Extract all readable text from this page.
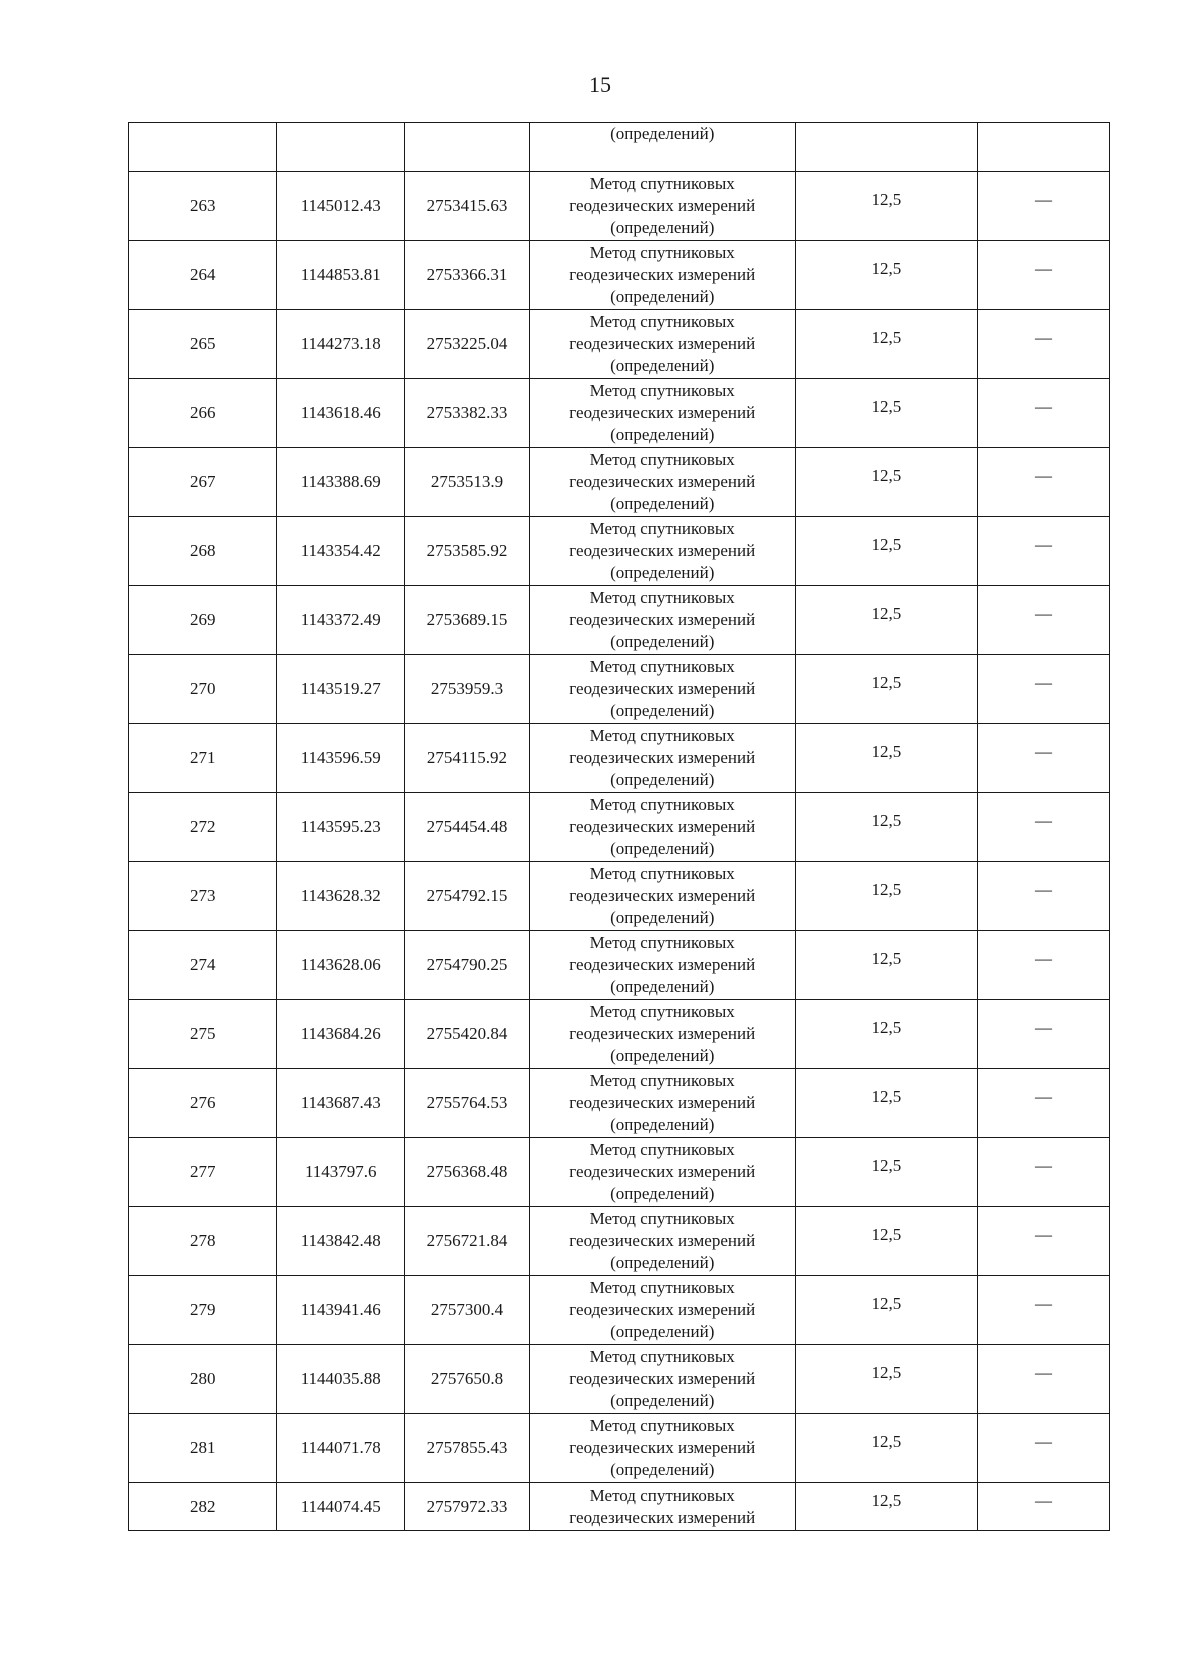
15
			(определений)		
263	1145012.43	2753415.63	Метод спутниковых
геодезических измерений
(определений)	12,5	—
264	1144853.81	2753366.31	Метод спутниковых
геодезических измерений
(определений)	12,5	—
265	1144273.18	2753225.04	Метод спутниковых
геодезических измерений
(определений)	12,5	—
266	1143618.46	2753382.33	Метод спутниковых
геодезических измерений
(определений)	12,5	—
267	1143388.69	2753513.9	Метод спутниковых
геодезических измерений
(определений)	12,5	—
268	1143354.42	2753585.92	Метод спутниковых
геодезических измерений
(определений)	12,5	—
269	1143372.49	2753689.15	Метод спутниковых
геодезических измерений
(определений)	12,5	—
270	1143519.27	2753959.3	Метод спутниковых
геодезических измерений
(определений)	12,5	—
271	1143596.59	2754115.92	Метод спутниковых
геодезических измерений
(определений)	12,5	—
272	1143595.23	2754454.48	Метод спутниковых
геодезических измерений
(определений)	12,5	—
273	1143628.32	2754792.15	Метод спутниковых
геодезических измерений
(определений)	12,5	—
274	1143628.06	2754790.25	Метод спутниковых
геодезических измерений
(определений)	12,5	—
275	1143684.26	2755420.84	Метод спутниковых
геодезических измерений
(определений)	12,5	—
276	1143687.43	2755764.53	Метод спутниковых
геодезических измерений
(определений)	12,5	—
277	1143797.6	2756368.48	Метод спутниковых
геодезических измерений
(определений)	12,5	—
278	1143842.48	2756721.84	Метод спутниковых
геодезических измерений
(определений)	12,5	—
279	1143941.46	2757300.4	Метод спутниковых
геодезических измерений
(определений)	12,5	—
280	1144035.88	2757650.8	Метод спутниковых
геодезических измерений
(определений)	12,5	—
281	1144071.78	2757855.43	Метод спутниковых
геодезических измерений
(определений)	12,5	—
282	1144074.45	2757972.33	Метод спутниковых
геодезических измерений	12,5	—
